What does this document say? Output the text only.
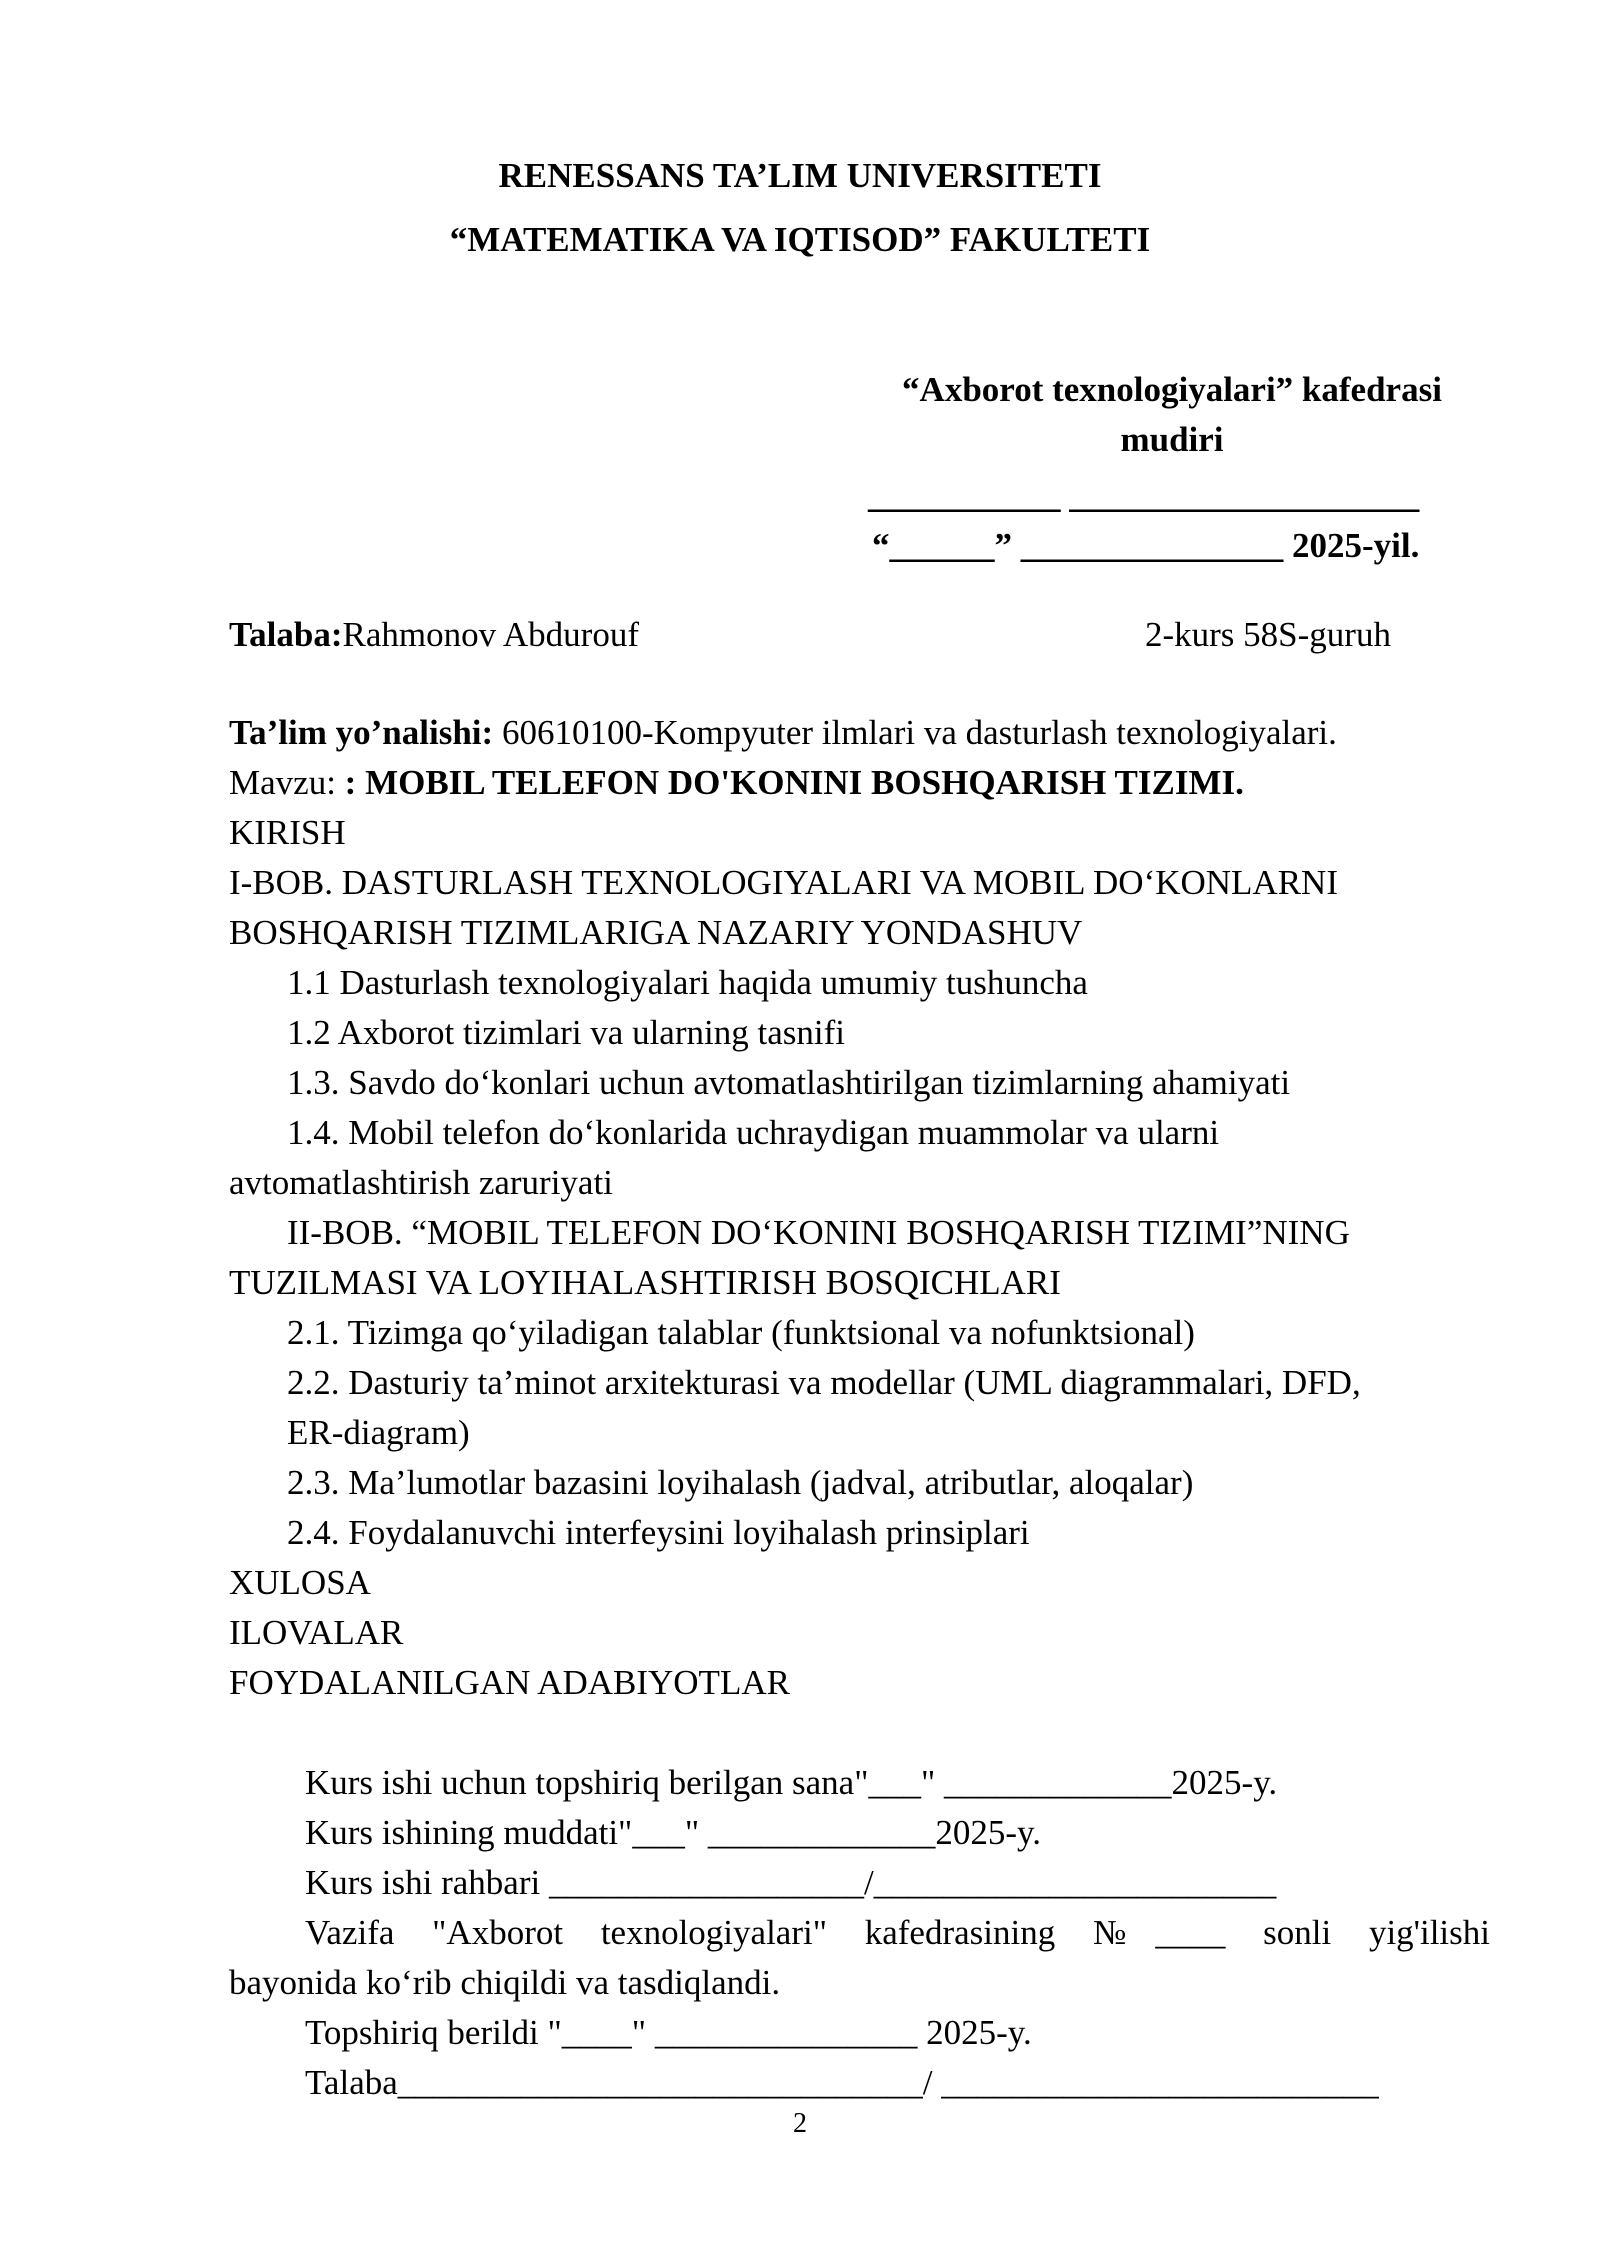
RENESSANS TA’LIM UNIVERSITETI
“MATEMATIKA VA IQTISOD” FAKULTETI
“Axborot texnologiyalari” kafedrasi
mudiri
___________ ____________________
“______” _______________ 2025-yil.
Talaba:Rahmonov Abdurouf	2-kurs 58S-guruh
Ta’lim yo’nalishi: 60610100-Kompyuter ilmlari va dasturlash texnologiyalari.
Mavzu: : MOBIL TELEFON DO'KONINI BOSHQARISH TIZIMI.
KIRISH
I-BOB. DASTURLASH TEXNOLOGIYALARI VA MOBIL DO‘KONLARNI
BOSHQARISH TIZIMLARIGA NAZARIY YONDASHUV
1.1 Dasturlash texnologiyalari haqida umumiy tushuncha
1.2 Axborot tizimlari va ularning tasnifi
1.3. Savdo do‘konlari uchun avtomatlashtirilgan tizimlarning ahamiyati
1.4. Mobil telefon do‘konlarida uchraydigan muammolar va ularni
avtomatlashtirish zaruriyati
II-BOB. “MOBIL TELEFON DO‘KONINI BOSHQARISH TIZIMI”NING
TUZILMASI VA LOYIHALASHTIRISH BOSQICHLARI
2.1. Tizimga qo‘yiladigan talablar (funktsional va nofunktsional)
2.2. Dasturiy ta’minot arxitekturasi va modellar (UML diagrammalari, DFD,
ER-diagram)
2.3. Ma’lumotlar bazasini loyihalash (jadval, atributlar, aloqalar)
2.4. Foydalanuvchi interfeysini loyihalash prinsiplari
XULOSA
ILOVALAR
FOYDALANILGAN ADABIYOTLAR
Kurs ishi uchun topshiriq berilgan sana"___" _____________2025-y.
Kurs ishining muddati"___" _____________2025-y.
Kurs ishi rahbari __________________/_______________________
Vazifa "Axborot texnologiyalari" kafedrasining №____ sonli yig'ilishi
bayonida ko‘rib chiqildi va tasdiqlandi.
Topshiriq berildi "____" _______________ 2025-y.
Talaba______________________________/ _________________________
2
